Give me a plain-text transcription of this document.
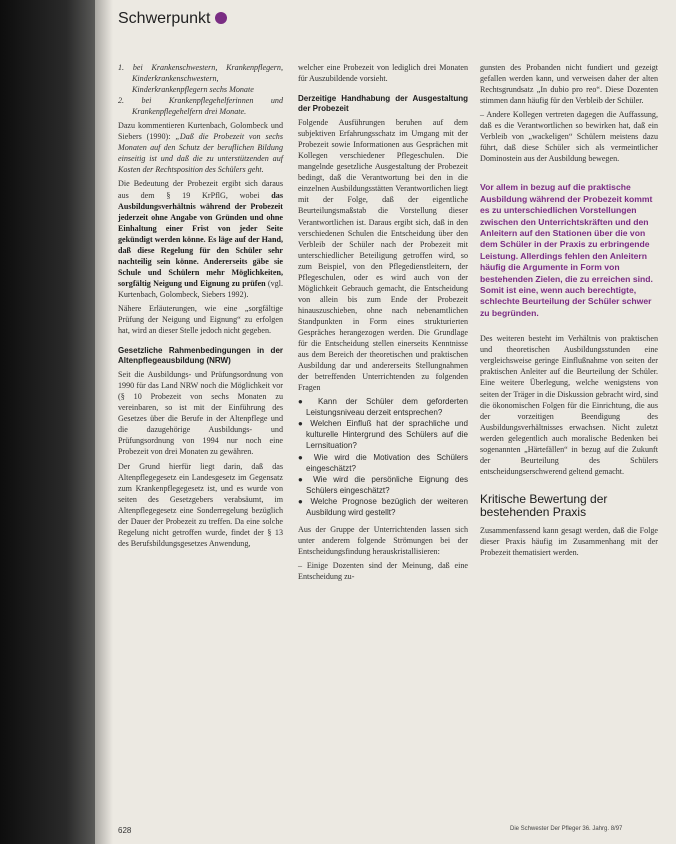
Schwerpunkt
1. bei Krankenschwestern, Krankenpflegern, Kinderkrankenschwestern, Kinderkrankenpflegern sechs Monate
2. bei Krankenpflegehelferinnen und Krankenpflegehelfern drei Monate.

Dazu kommentieren Kurtenbach, Golombeck und Siebers (1990): „Daß die Probezeit von sechs Monaten auf den Schutz der beruflichen Bildung einseitig ist und daß die zu unterstützenden auf Kosten der Rechtsposition des Schülers geht.

Die Bedeutung der Probezeit ergibt sich daraus aus dem § 19 KrPflG, wobei das Ausbildungsverhältnis während der Probezeit jederzeit ohne Angabe von Gründen und ohne Einhaltung einer Frist von jeder Seite gekündigt werden könne. Es läge auf der Hand, daß diese Regelung für den Schüler sehr nachteilig sein könne. Andererseits gäbe sie Schule und Schülern mehr Möglichkeiten, sorgfältig Neigung und Eignung zu prüfen (vgl. Kurtenbach, Golombeck, Siebers 1992).

Nähere Erläuterungen, wie eine „sorgfältige Prüfung der Neigung und Eignung“ zu erfolgen hat, wird an dieser Stelle jedoch nicht gegeben.

Gesetzliche Rahmenbedingungen in der Altenpflegeausbildung (NRW)

Seit die Ausbildungs- und Prüfungsordnung von 1990 für das Land NRW noch die Möglichkeit vor (§ 10 Probezeit von sechs Monaten zu vereinbaren, so ist mit der Einführung des Gesetzes über die Berufe in der Altenpflege und die dazugehörige Ausbildungs- und Prüfungsordnung von 1994 nur noch eine Probezeit von drei Monaten zu gewähren.

Der Grund hierfür liegt darin, daß das Altenpflegegesetz ein Landesgesetz im Gegensatz zum Krankenpflegegesetz ist, und es wurde von seiten des Gesetzgebers verabsäumt, im Altenpflegegesetz eine Sonderregelung bezüglich der Dauer der Probezeit zu treffen. Da eine solche Regelung nicht getroffen wurde, findet der § 13 des Berufsbildungsgesetzes Anwendung,

welcher eine Probezeit von lediglich drei Monaten für Auszubildende vorsieht.

Derzeitige Handhabung der Ausgestaltung der Probezeit

Folgende Ausführungen beruhen auf dem subjektiven Erfahrungsschatz im Umgang mit der Probezeit sowie Informationen aus Gesprächen mit Kollegen verschiedener Pflegeschulen. Die mangelnde gesetzliche Ausgestaltung der Probezeit bedingt, daß die Verantwortung bei den in die einzelnen Ausbildungsstätten Verantwortlichen liegt mit der Folge, daß der eigentliche Beurteilungsmaßstab die Vorstellung dieser Verantwortlichen ist. Daraus ergibt sich, daß in den verschiedenen Schulen die Entscheidung über den Verbleib der Schüler nach der Probezeit mit unterschiedlicher Beteiligung getroffen wird, so zum Beispiel, von den Pflegedienstleitern, der Pflegeschulen, oder es wird auch von der Möglichkeit Gebrauch gemacht, die Entscheidung von allein bis zum Ende der Probezeit hinauszuschieben, ohne nach nebenamtlichen Standpunkten in Form eines strukturierten Gespräches herangezogen werden. Die Grundlage für die Entscheidung stellen einerseits Kenntnisse aus dem Bereich der theoretischen und praktischen Ausbildung dar und andererseits Stellungnahmen der betreffenden Unterrichtenden zu folgenden Fragen

● Kann der Schüler dem geforderten Leistungsniveau derzeit entsprechen?
● Welchen Einfluß hat der sprachliche und kulturelle Hintergrund des Schülers auf die Lernsituation?
● Wie wird die Motivation des Schülers eingeschätzt?
● Wie wird die persönliche Eignung des Schülers eingeschätzt?
● Welche Prognose bezüglich der weiteren Ausbildung wird gestellt?

Aus der Gruppe der Unterrichtenden lassen sich unter anderem folgende Strömungen bei der Entscheidungsfindung herauskristallisieren:

– Einige Dozenten sind der Meinung, daß eine Entscheidung zu-

gunsten des Probanden nicht fundiert und gezeigt gefallen werden kann, und verweisen daher der alten Rechtsgrundsatz „In dubio pro reo“. Diese Dozenten stimmen dann häufig für den Verbleib der Schüler.

– Andere Kollegen vertreten dagegen die Auffassung, daß es die Verantwortlichen so bewirken hat, daß ein Verbleib von „wackeligen“ Schülern meistens dazu führt, daß diese Schüler sich als vermeintlicher Dominostein aus der Ausbildung bewegen.

Vor allem in bezug auf die praktische Ausbildung während der Probezeit kommt es zu unterschiedlichen Vorstellungen zwischen den Unterrichtskräften und den Anleitern auf den Stationen über die von dem Schüler in der Praxis zu erbringende Leistung. Allerdings fehlen den Anleitern häufig die Argumente in Form von bestehenden Zielen, die zu erreichen sind. Somit ist eine, wenn auch berechtigte, schlechte Beurteilung der Schüler schwer zu begründen.

Des weiteren besteht im Verhältnis von praktischen und theoretischen Ausbildungsstunden eine vergleichsweise geringe Einflußnahme von seiten der praktischen Anleiter auf die Beurteilung der Schüler. Eine weitere Überlegung, welche wenigstens von seiten der Träger in die Diskussion gebracht wird, sind die ökonomischen Folgen für die Einrichtung, die aus der vorzeitigen Beendigung des Ausbildungsverhältnisses erwachsen. Nicht zuletzt werden gelegentlich auch moralische Bedenken bei sogenannten „Härtefällen“ in bezug auf die Zukunft der Beurteilung des Schülers entscheidungserschwerend geltend gemacht.

Kritische Bewertung der bestehenden Praxis

Zusammenfassend kann gesagt werden, daß die Folge dieser Praxis häufig im Zusammenhang mit der Probezeit thematisiert werden.

628	Die Schwester Der Pfleger 36. Jahrg. 8/97
